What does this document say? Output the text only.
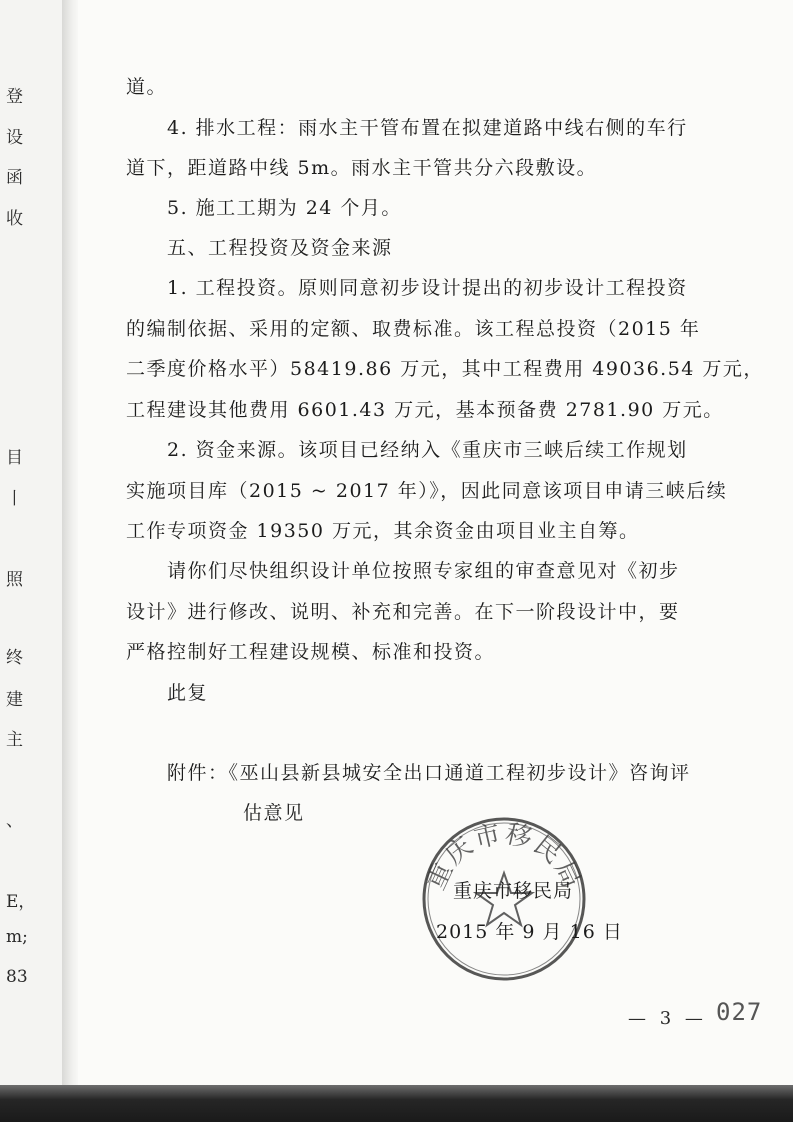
登
设
函
收
目
丨
照
终
建
主
、
E，
m;
83
道。
4. 排水工程：雨水主干管布置在拟建道路中线右侧的车行
道下，距道路中线 5m。雨水主干管共分六段敷设。
5. 施工工期为 24 个月。
五、工程投资及资金来源
1. 工程投资。原则同意初步设计提出的初步设计工程投资
的编制依据、采用的定额、取费标准。该工程总投资（2015 年
二季度价格水平）58419.86 万元，其中工程费用 49036.54 万元，
工程建设其他费用 6601.43 万元，基本预备费 2781.90 万元。
2. 资金来源。该项目已经纳入《重庆市三峡后续工作规划
实施项目库（2015 ~ 2017 年）》，因此同意该项目申请三峡后续
工作专项资金 19350 万元，其余资金由项目业主自筹。
请你们尽快组织设计单位按照专家组的审查意见对《初步
设计》进行修改、说明、补充和完善。在下一阶段设计中，要
严格控制好工程建设规模、标准和投资。
此复
附件：《巫山县新县城安全出口通道工程初步设计》咨询评
估意见
重庆市移民局
重庆市移民局
2015 年 9 月 16 日
— 3 — 027
